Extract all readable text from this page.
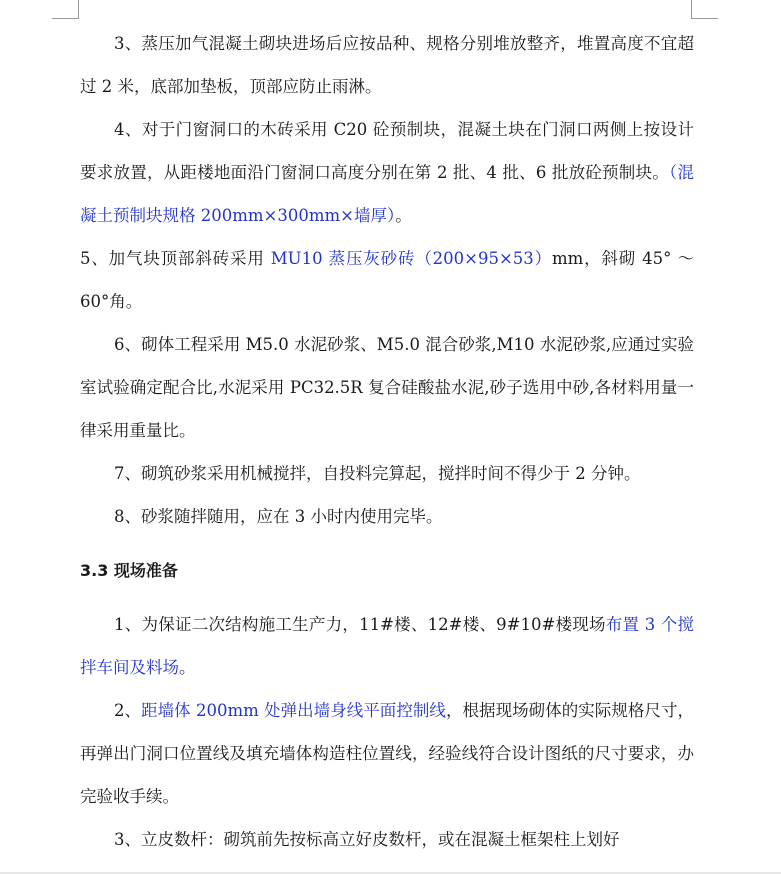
3、蒸压加气混凝土砌块进场后应按品种、规格分别堆放整齐，堆置高度不宜超过 2 米，底部加垫板，顶部应防止雨淋。

4、对于门窗洞口的木砖采用 C20 砼预制块，混凝土块在门洞口两侧上按设计要求放置，从距楼地面沿门窗洞口高度分别在第 2 批、4 批、6 批放砼预制块。（混凝土预制块规格 200mm×300mm×墙厚）。

5、加气块顶部斜砖采用 MU10 蒸压灰砂砖（200×95×53）mm，斜砌 45° ～60°角。

6、砌体工程采用 M5.0 水泥砂浆、M5.0 混合砂浆,M10 水泥砂浆,应通过实验室试验确定配合比,水泥采用 PC32.5R 复合硅酸盐水泥,砂子选用中砂,各材料用量一律采用重量比。

7、砌筑砂浆采用机械搅拌，自投料完算起，搅拌时间不得少于 2 分钟。

8、砂浆随拌随用，应在 3 小时内使用完毕。

3.3 现场准备

1、为保证二次结构施工生产力，11#楼、12#楼、9#10#楼现场布置 3 个搅拌车间及料场。

2、距墙体 200mm 处弹出墙身线平面控制线，根据现场砌体的实际规格尺寸，再弹出门洞口位置线及填充墙体构造柱位置线，经验线符合设计图纸的尺寸要求，办完验收手续。

3、立皮数杆：砌筑前先按标高立好皮数杆，或在混凝土框架柱上划好
